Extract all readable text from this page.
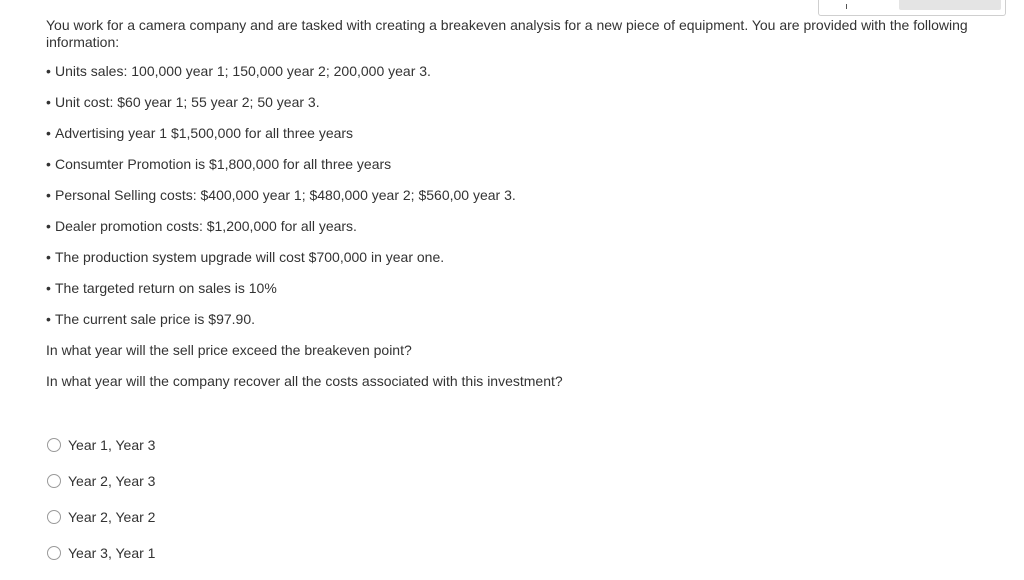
You work for a camera company and are tasked with creating a breakeven analysis for a new piece of equipment. You are provided with the following information:

• Units sales: 100,000 year 1; 150,000 year 2; 200,000 year 3.
• Unit cost: $60 year 1; 55 year 2; 50 year 3.
• Advertising year 1 $1,500,000 for all three years
• Consumter Promotion is $1,800,000 for all three years
• Personal Selling costs: $400,000 year 1; $480,000 year 2; $560,00 year 3.
• Dealer promotion costs: $1,200,000 for all years.
• The production system upgrade will cost $700,000 in year one.
• The targeted return on sales is 10%
• The current sale price is $97.90.

In what year will the sell price exceed the breakeven point?

In what year will the company recover all the costs associated with this investment?

Year 1, Year 3
Year 2, Year 3
Year 2, Year 2
Year 3, Year 1
